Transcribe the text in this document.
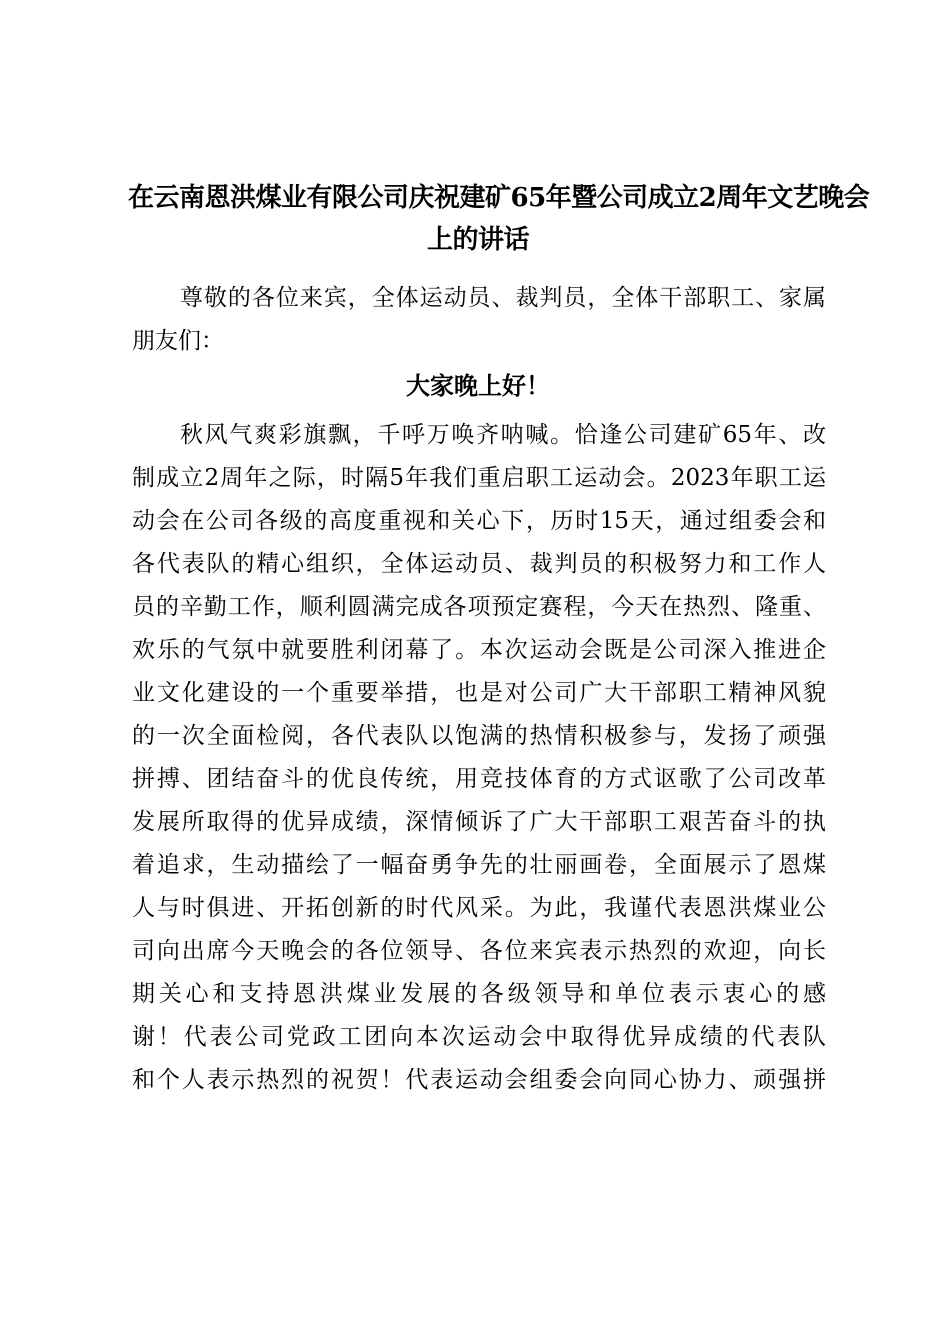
在云南恩洪煤业有限公司庆祝建矿65年暨公司成立2周年文艺晚会
上的讲话
尊敬的各位来宾，全体运动员、裁判员，全体干部职工、家属
朋友们：
大家晚上好！
秋风气爽彩旗飘，千呼万唤齐呐喊。恰逢公司建矿65年、改
制成立2周年之际，时隔5年我们重启职工运动会。2023年职工运
动会在公司各级的高度重视和关心下，历时15天，通过组委会和
各代表队的精心组织，全体运动员、裁判员的积极努力和工作人
员的辛勤工作，顺利圆满完成各项预定赛程，今天在热烈、隆重、
欢乐的气氛中就要胜利闭幕了。本次运动会既是公司深入推进企
业文化建设的一个重要举措，也是对公司广大干部职工精神风貌
的一次全面检阅，各代表队以饱满的热情积极参与，发扬了顽强
拼搏、团结奋斗的优良传统，用竞技体育的方式讴歌了公司改革
发展所取得的优异成绩，深情倾诉了广大干部职工艰苦奋斗的执
着追求，生动描绘了一幅奋勇争先的壮丽画卷，全面展示了恩煤
人与时俱进、开拓创新的时代风采。为此，我谨代表恩洪煤业公
司向出席今天晚会的各位领导、各位来宾表示热烈的欢迎，向长
期关心和支持恩洪煤业发展的各级领导和单位表示衷心的感
谢！代表公司党政工团向本次运动会中取得优异成绩的代表队
和个人表示热烈的祝贺！代表运动会组委会向同心协力、顽强拼
